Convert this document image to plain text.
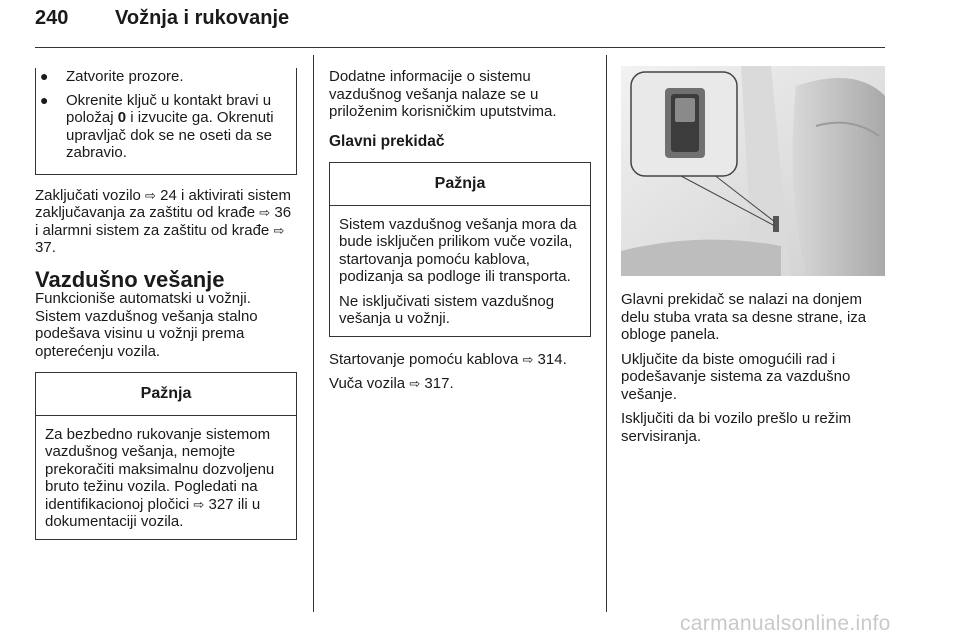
240 Vožnja i rukovanje
● Zatvorite prozore.
● Okrenite ključ u kontakt bravi u položaj 0 i izvucite ga. Okrenuti upravljač dok se ne oseti da se zabravio.

Zaključati vozilo ⇨ 24 i aktivirati sistem zaključavanja za zaštitu od krađe ⇨ 36 i alarmni sistem za zaštitu od krađe ⇨ 37.

Vazdušno vešanje

Funkcioniše automatski u vožnji. Sistem vazdušnog vešanja stalno podešava visinu u vožnji prema opterećenju vozila.

Pažnja
Za bezbedno rukovanje sistemom vazdušnog vešanja, nemojte prekoračiti maksimalnu dozvoljenu bruto težinu vozila. Pogledati na identifikacionoj pločici ⇨ 327 ili u dokumentaciji vozila.

Dodatne informacije o sistemu vazdušnog vešanja nalaze se u priloženim korisničkim uputstvima.

Glavni prekidač
Pažnja

Sistem vazdušnog vešanja mora da bude isključen prilikom vuče vozila, startovanja pomoću kablova, podizanja sa podloge ili transporta.

Ne isključivati sistem vazdušnog vešanja u vožnji.

Startovanje pomoću kablova ⇨ 314.

Vuča vozila ⇨ 317.

Glavni prekidač se nalazi na donjem delu stuba vrata sa desne strane, iza obloge panela.

Uključite da biste omogućili rad i podešavanje sistema za vazdušno vešanje.

Isključiti da bi vozilo prešlo u režim servisiranja.

carmanualsonline.info
